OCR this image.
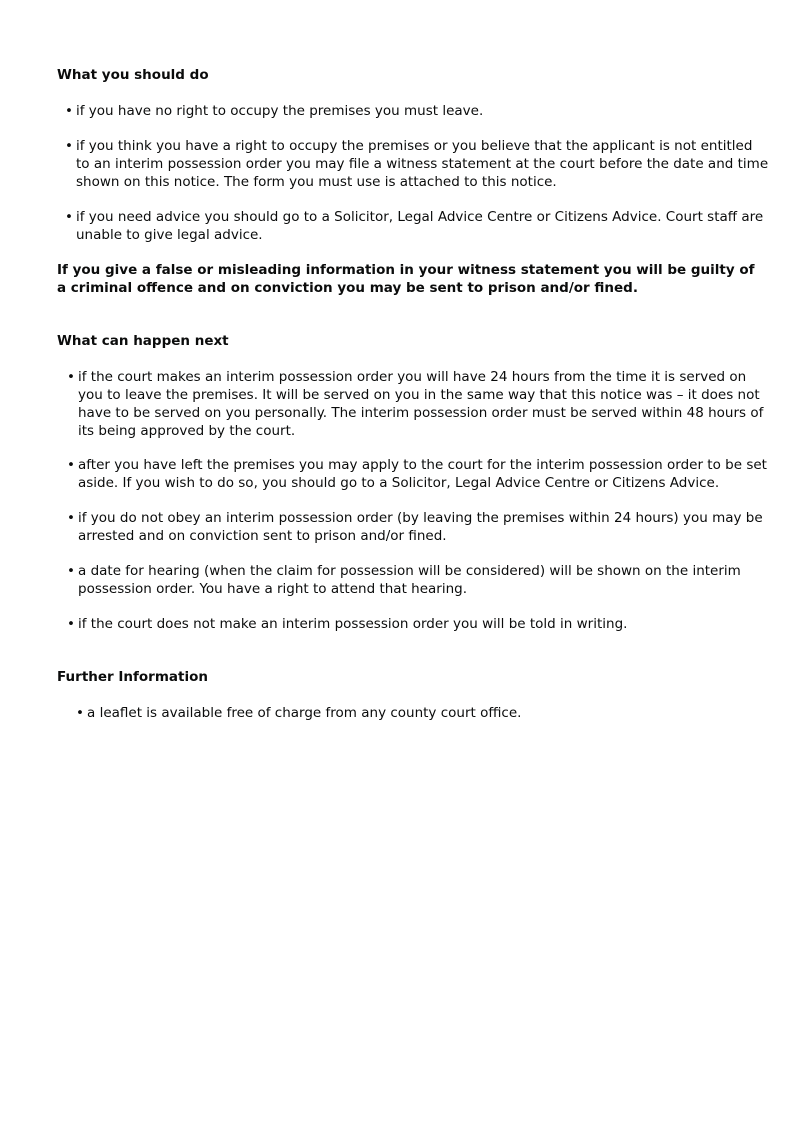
What you should do
• if you have no right to occupy the premises you must leave.
• if you think you have a right to occupy the premises or you believe that the applicant is not entitled to an interim possession order you may file a witness statement at the court before the date and time shown on this notice. The form you must use is attached to this notice.
• if you need advice you should go to a Solicitor, Legal Advice Centre or Citizens Advice. Court staff are unable to give legal advice.

If you give a false or misleading information in your witness statement you will be guilty of a criminal offence and on conviction you may be sent to prison and/or fined.

What can happen next
• if the court makes an interim possession order you will have 24 hours from the time it is served on you to leave the premises. It will be served on you in the same way that this notice was – it does not have to be served on you personally. The interim possession order must be served within 48 hours of its being approved by the court.
• after you have left the premises you may apply to the court for the interim possession order to be set aside. If you wish to do so, you should go to a Solicitor, Legal Advice Centre or Citizens Advice.
• if you do not obey an interim possession order (by leaving the premises within 24 hours) you may be arrested and on conviction sent to prison and/or fined.
• a date for hearing (when the claim for possession will be considered) will be shown on the interim possession order. You have a right to attend that hearing.
• if the court does not make an interim possession order you will be told in writing.
Further Information
• a leaflet is available free of charge from any county court office.
